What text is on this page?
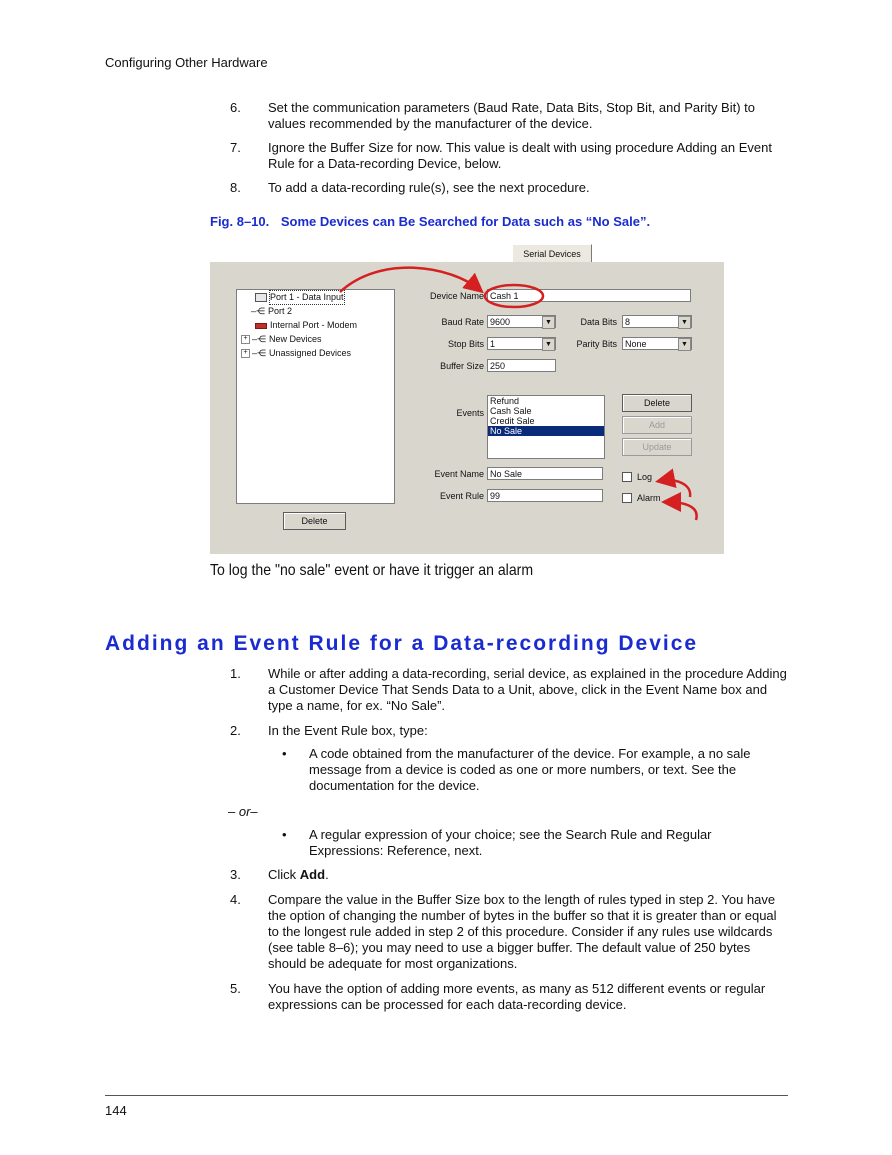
Configuring Other Hardware
6.	Set the communication parameters (Baud Rate, Data Bits, Stop Bit, and Parity Bit) to values recommended by the manufacturer of the device.
7.	Ignore the Buffer Size for now. This value is dealt with using procedure Adding an Event Rule for a Data-recording Device, below.
8.	To add a data-recording rule(s), see the next procedure.
Fig. 8–10. Some Devices can Be Searched for Data such as “No Sale”.
Serial Devices
Port 1 - Data Input
–⋲ Port 2
Internal Port - Modem
+ –⋲ New Devices
+ –⋲ Unassigned Devices
Device Name Cash 1
Baud Rate 9600	▼	Data Bits 8	▼
Stop Bits 1	▼	Parity Bits None	▼
Buffer Size 250
Events
Refund
Cash Sale
Credit Sale
No Sale
Delete
Add
Update
Event Name No Sale
Event Rule 99
Log
Alarm
Delete
To log the "no sale" event or have it trigger an alarm
Adding an Event Rule for a Data-recording Device
1.	While or after adding a data-recording, serial device, as explained in the procedure Adding a Customer Device That Sends Data to a Unit, above, click in the Event Name box and type a name, for ex. “No Sale”.
2.	In the Event Rule box, type:
•	A code obtained from the manufacturer of the device. For example, a no sale message from a device is coded as one or more numbers, or text. See the documentation for the device.
– or–
•	A regular expression of your choice; see the Search Rule and Regular Expressions: Reference, next.
3.	Click Add.
4.	Compare the value in the Buffer Size box to the length of rules typed in step 2. You have the option of changing the number of bytes in the buffer so that it is greater than or equal to the longest rule added in step 2 of this procedure. Consider if any rules use wildcards (see table 8–6); you may need to use a bigger buffer. The default value of 250 bytes should be adequate for most organizations.
5.	You have the option of adding more events, as many as 512 different events or regular expressions can be processed for each data-recording device.
144
